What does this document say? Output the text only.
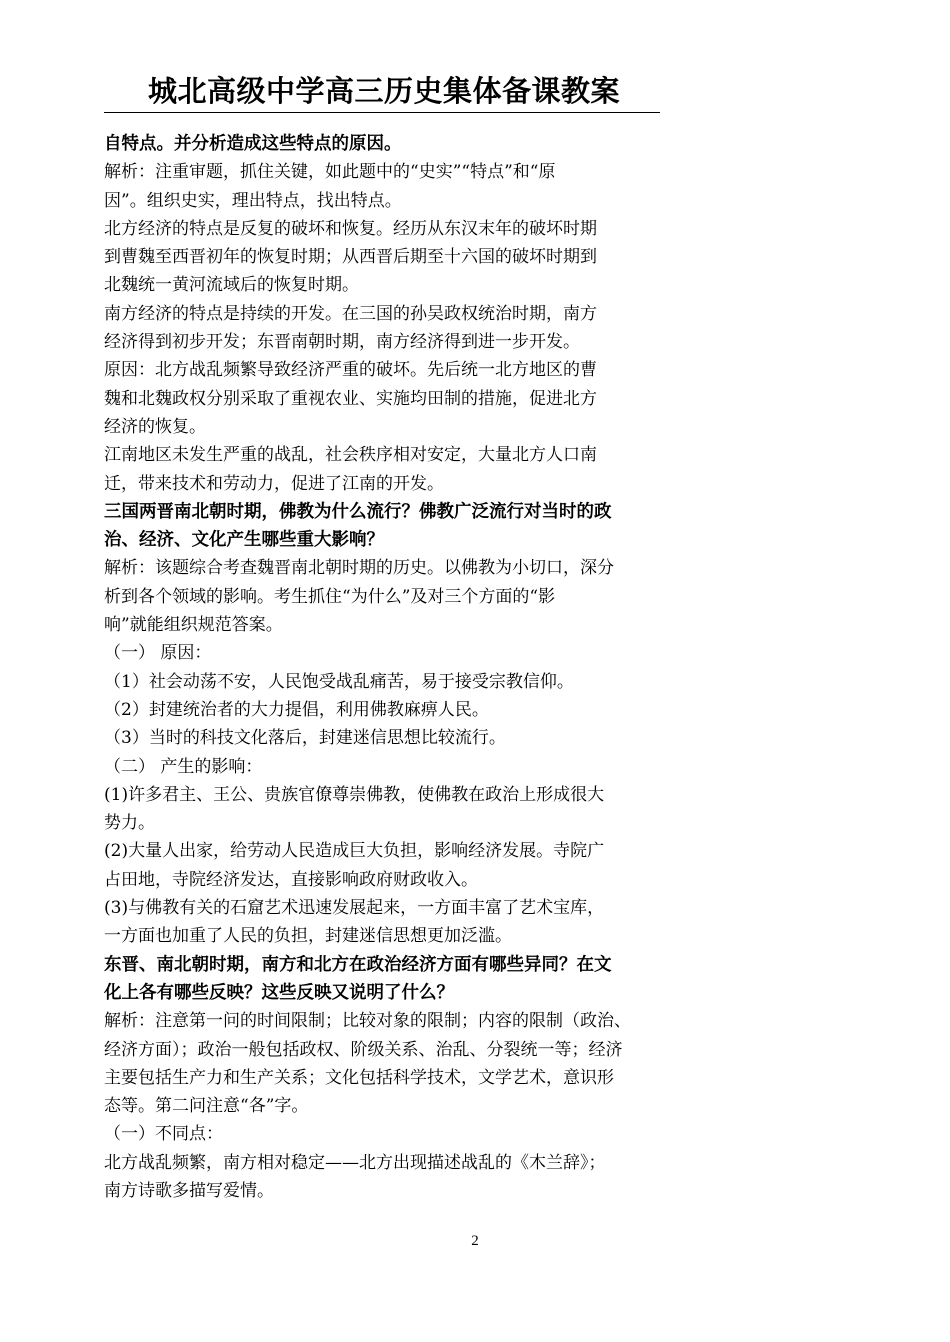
城北高级中学高三历史集体备课教案
自特点。并分析造成这些特点的原因。
解析：注重审题，抓住关键，如此题中的“史实”“特点”和“原
因”。组织史实，理出特点，找出特点。
北方经济的特点是反复的破坏和恢复。经历从东汉末年的破坏时期
到曹魏至西晋初年的恢复时期；从西晋后期至十六国的破坏时期到
北魏统一黄河流域后的恢复时期。
南方经济的特点是持续的开发。在三国的孙吴政权统治时期，南方
经济得到初步开发；东晋南朝时期，南方经济得到进一步开发。
原因：北方战乱频繁导致经济严重的破坏。先后统一北方地区的曹
魏和北魏政权分别采取了重视农业、实施均田制的措施，促进北方
经济的恢复。
江南地区未发生严重的战乱，社会秩序相对安定，大量北方人口南
迁，带来技术和劳动力，促进了江南的开发。
三国两晋南北朝时期，佛教为什么流行？佛教广泛流行对当时的政
治、经济、文化产生哪些重大影响？
解析：该题综合考查魏晋南北朝时期的历史。以佛教为小切口，深分
析到各个领域的影响。考生抓住“为什么”及对三个方面的“影
响”就能组织规范答案。
（一） 原因：
（1）社会动荡不安，人民饱受战乱痛苦，易于接受宗教信仰。
（2）封建统治者的大力提倡，利用佛教麻痹人民。
（3）当时的科技文化落后，封建迷信思想比较流行。
（二） 产生的影响：
(1)许多君主、王公、贵族官僚尊崇佛教，使佛教在政治上形成很大
势力。
(2)大量人出家，给劳动人民造成巨大负担，影响经济发展。寺院广
占田地，寺院经济发达，直接影响政府财政收入。
(3)与佛教有关的石窟艺术迅速发展起来，一方面丰富了艺术宝库，
一方面也加重了人民的负担，封建迷信思想更加泛滥。
东晋、南北朝时期，南方和北方在政治经济方面有哪些异同？在文
化上各有哪些反映？这些反映又说明了什么？
解析：注意第一问的时间限制；比较对象的限制；内容的限制（政治、
经济方面）；政治一般包括政权、阶级关系、治乱、分裂统一等；经济
主要包括生产力和生产关系；文化包括科学技术，文学艺术，意识形
态等。第二问注意“各”字。
（一）不同点：
北方战乱频繁，南方相对稳定——北方出现描述战乱的《木兰辞》；
南方诗歌多描写爱情。
2
